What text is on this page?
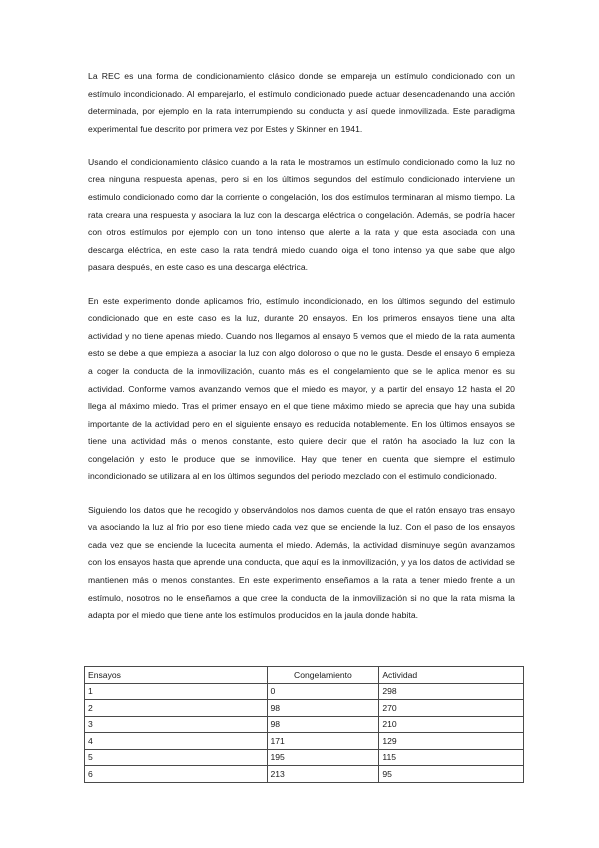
La REC es una forma de condicionamiento clásico donde se empareja un estímulo condicionado con un estímulo incondicionado. Al emparejarlo, el estímulo condicionado puede actuar desencadenando una acción determinada, por ejemplo en la rata interrumpiendo su conducta y así quede inmovilizada. Este paradigma experimental fue descrito por primera vez por Estes y Skinner en 1941.

Usando el condicionamiento clásico cuando a la rata le mostramos un estímulo condicionado como la luz no crea ninguna respuesta apenas, pero si en los últimos segundos del estímulo condicionado interviene un estimulo condicionado como dar la corriente o congelación, los dos estímulos terminaran al mismo tiempo. La rata creara una respuesta y asociara la luz con la descarga eléctrica o congelación. Además, se podría hacer con otros estímulos por ejemplo con un tono intenso que alerte a la rata y que esta asociada con una descarga eléctrica, en este caso la rata tendrá miedo cuando oiga el tono intenso ya que sabe que algo pasara después, en este caso es una descarga eléctrica.

En este experimento donde aplicamos frio, estímulo incondicionado, en los últimos segundo del estimulo condicionado que en este caso es la luz, durante 20 ensayos. En los primeros ensayos tiene una alta actividad y no tiene apenas miedo. Cuando nos llegamos al ensayo 5 vemos que el miedo de la rata aumenta esto se debe a que empieza a asociar la luz con algo doloroso o que no le gusta. Desde el ensayo 6 empieza a coger la conducta de la inmovilización, cuanto más es el congelamiento que se le aplica menor es su actividad. Conforme vamos avanzando vemos que el miedo es mayor, y a partir del ensayo 12 hasta el 20 llega al máximo miedo. Tras el primer ensayo en el que tiene máximo miedo se aprecia que hay una subida importante de la actividad pero en el siguiente ensayo es reducida notablemente. En los últimos ensayos se tiene una actividad más o menos constante, esto quiere decir que el ratón ha asociado la luz con la congelación y esto le produce que se inmovilice. Hay que tener en cuenta que siempre el estimulo incondicionado se utilizara al en los últimos segundos del periodo mezclado con el estimulo condicionado.

Siguiendo los datos que he recogido y observándolos nos damos cuenta de que el ratón ensayo tras ensayo va asociando la luz al frio por eso tiene miedo cada vez que se enciende la luz. Con el paso de los ensayos cada vez que se enciende la lucecita aumenta el miedo. Además, la actividad disminuye según avanzamos con los ensayos hasta que aprende una conducta, que aquí es la inmovilización, y ya los datos de actividad se mantienen más o menos constantes. En este experimento enseñamos a la rata a tener miedo frente a un estímulo, nosotros no le enseñamos a que cree la conducta de la inmovilización si no que la rata misma la adapta por el miedo que tiene ante los estímulos producidos en la jaula donde habita.

Ensayos	Congelamiento	Actividad
1	0	298
2	98	270
3	98	210
4	171	129
5	195	115
6	213	95
